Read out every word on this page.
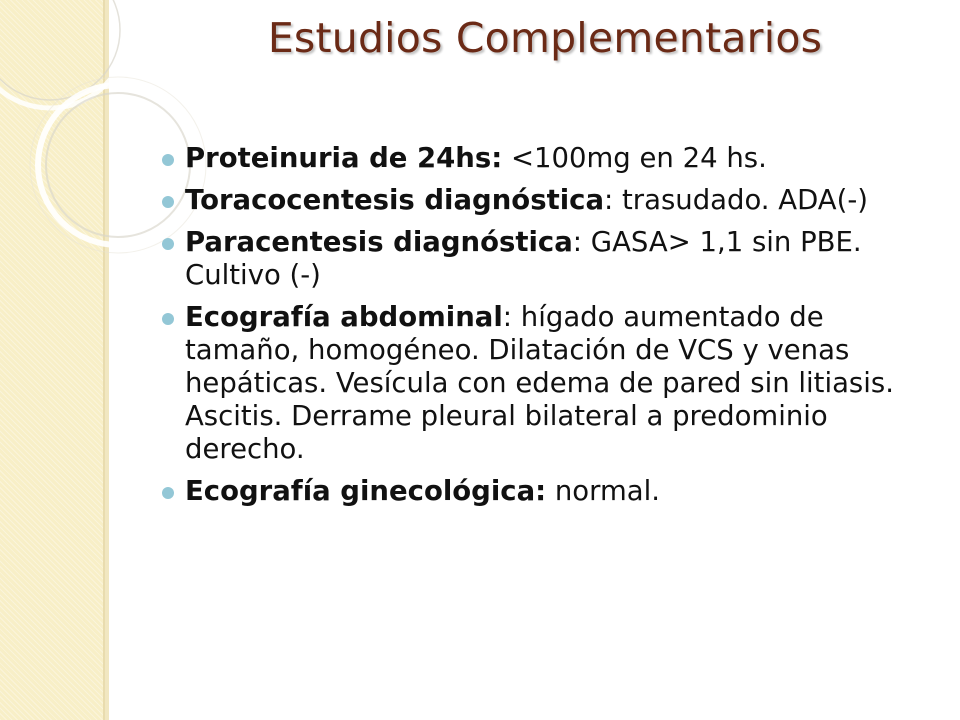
Estudios Complementarios
Proteinuria de 24hs: <100mg en 24 hs.
Toracocentesis diagnóstica: trasudado. ADA(-)
Paracentesis diagnóstica: GASA> 1,1 sin PBE. Cultivo (-)
Ecografía abdominal: hígado aumentado de tamaño, homogéneo. Dilatación de VCS y venas hepáticas. Vesícula con edema de pared sin litiasis. Ascitis. Derrame pleural bilateral a predominio derecho.
Ecografía ginecológica: normal.
